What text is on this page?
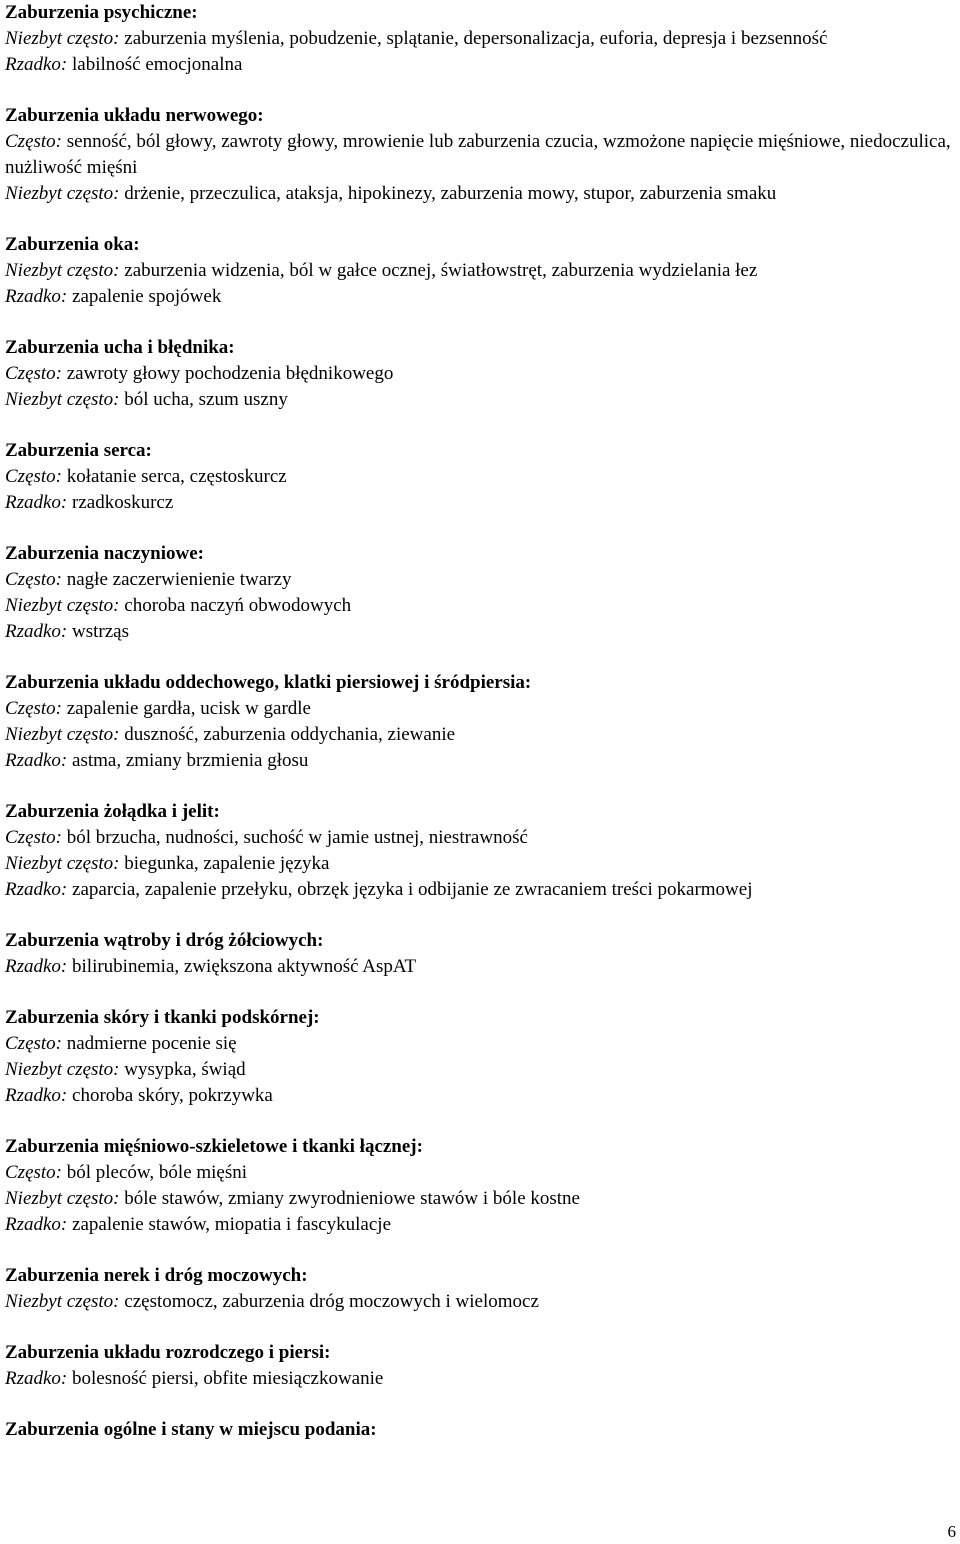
Zaburzenia psychiczne:
Niezbyt często: zaburzenia myślenia, pobudzenie, splątanie, depersonalizacja, euforia, depresja i bezsenność
Rzadko: labilność emocjonalna
Zaburzenia układu nerwowego:
Często: senność, ból głowy, zawroty głowy, mrowienie lub zaburzenia czucia, wzmożone napięcie mięśniowe, niedoczulica, nużliwość mięśni
Niezbyt często: drżenie, przeczulica, ataksja, hipokinezy, zaburzenia mowy, stupor, zaburzenia smaku
Zaburzenia oka:
Niezbyt często: zaburzenia widzenia, ból w gałce ocznej, światłowstręt, zaburzenia wydzielania łez
Rzadko: zapalenie spojówek
Zaburzenia ucha i błędnika:
Często: zawroty głowy pochodzenia błędnikowego
Niezbyt często: ból ucha, szum uszny
Zaburzenia serca:
Często: kołatanie serca, częstoskurcz
Rzadko: rzadkoskurcz
Zaburzenia naczyniowe:
Często: nagłe zaczerwienienie twarzy
Niezbyt często: choroba naczyń obwodowych
Rzadko: wstrząs
Zaburzenia układu oddechowego, klatki piersiowej i śródpiersia:
Często: zapalenie gardła, ucisk w gardle
Niezbyt często: duszność, zaburzenia oddychania, ziewanie
Rzadko: astma, zmiany brzmienia głosu
Zaburzenia żołądka i jelit:
Często: ból brzucha, nudności, suchość w jamie ustnej, niestrawność
Niezbyt często: biegunka, zapalenie języka
Rzadko: zaparcia, zapalenie przełyku, obrzęk języka i odbijanie ze zwracaniem treści pokarmowej
Zaburzenia wątroby i dróg żółciowych:
Rzadko: bilirubinemia, zwiększona aktywność AspAT
Zaburzenia skóry i tkanki podskórnej:
Często: nadmierne pocenie się
Niezbyt często: wysypka, świąd
Rzadko: choroba skóry, pokrzywka
Zaburzenia mięśniowo-szkieletowe i tkanki łącznej:
Często: ból pleców, bóle mięśni
Niezbyt często: bóle stawów, zmiany zwyrodnieniowe stawów i bóle kostne
Rzadko: zapalenie stawów, miopatia i fascykulacje
Zaburzenia nerek i dróg moczowych:
Niezbyt często: częstomocz, zaburzenia dróg moczowych i wielomocz
Zaburzenia układu rozrodczego i piersi:
Rzadko: bolesność piersi, obfite miesiączkowanie
Zaburzenia ogólne i stany w miejscu podania:
6
